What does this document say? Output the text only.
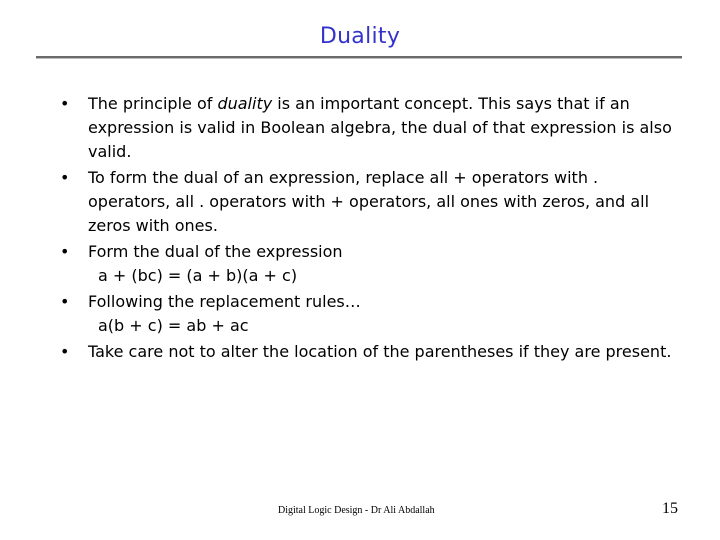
Duality
•	The principle of duality is an important concept. This says that if an expression is valid in Boolean algebra, the dual of that expression is also valid.
•	To form the dual of an expression, replace all + operators with . operators, all . operators with + operators, all ones with zeros, and all zeros with ones.
•	Form the dual of the expression
a + (bc) = (a + b)(a + c)
•	Following the replacement rules…
a(b + c) = ab + ac
•	Take care not to alter the location of the parentheses if they are present.
Digital Logic Design - Dr Ali Abdallah	15
